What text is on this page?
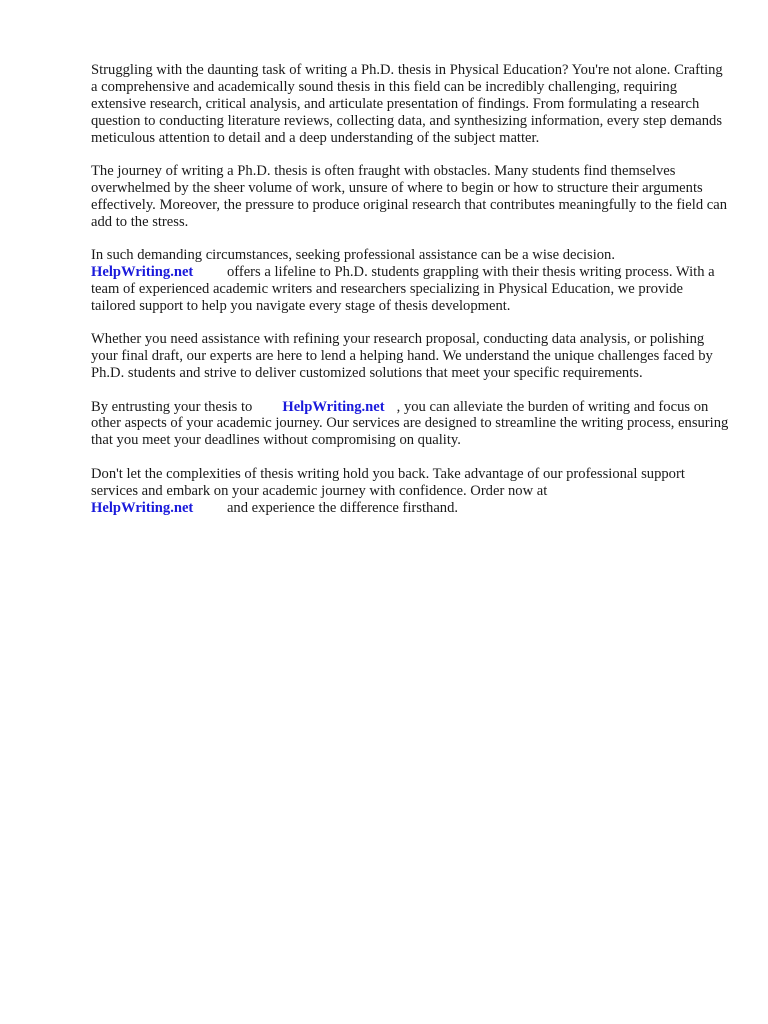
Struggling with the daunting task of writing a Ph.D. thesis in Physical Education? You're not alone. Crafting a comprehensive and academically sound thesis in this field can be incredibly challenging, requiring extensive research, critical analysis, and articulate presentation of findings. From formulating a research question to conducting literature reviews, collecting data, and synthesizing information, every step demands meticulous attention to detail and a deep understanding of the subject matter.

The journey of writing a Ph.D. thesis is often fraught with obstacles. Many students find themselves overwhelmed by the sheer volume of work, unsure of where to begin or how to structure their arguments effectively. Moreover, the pressure to produce original research that contributes meaningfully to the field can add to the stress.

In such demanding circumstances, seeking professional assistance can be a wise decision.
HelpWriting.net offers a lifeline to Ph.D. students grappling with their thesis writing process. With a team of experienced academic writers and researchers specializing in Physical Education, we provide tailored support to help you navigate every stage of thesis development.

Whether you need assistance with refining your research proposal, conducting data analysis, or polishing your final draft, our experts are here to lend a helping hand. We understand the unique challenges faced by Ph.D. students and strive to deliver customized solutions that meet your specific requirements.

By entrusting your thesis to HelpWriting.net , you can alleviate the burden of writing and focus on other aspects of your academic journey. Our services are designed to streamline the writing process, ensuring that you meet your deadlines without compromising on quality.

Don't let the complexities of thesis writing hold you back. Take advantage of our professional support services and embark on your academic journey with confidence. Order now at
HelpWriting.net and experience the difference firsthand.
